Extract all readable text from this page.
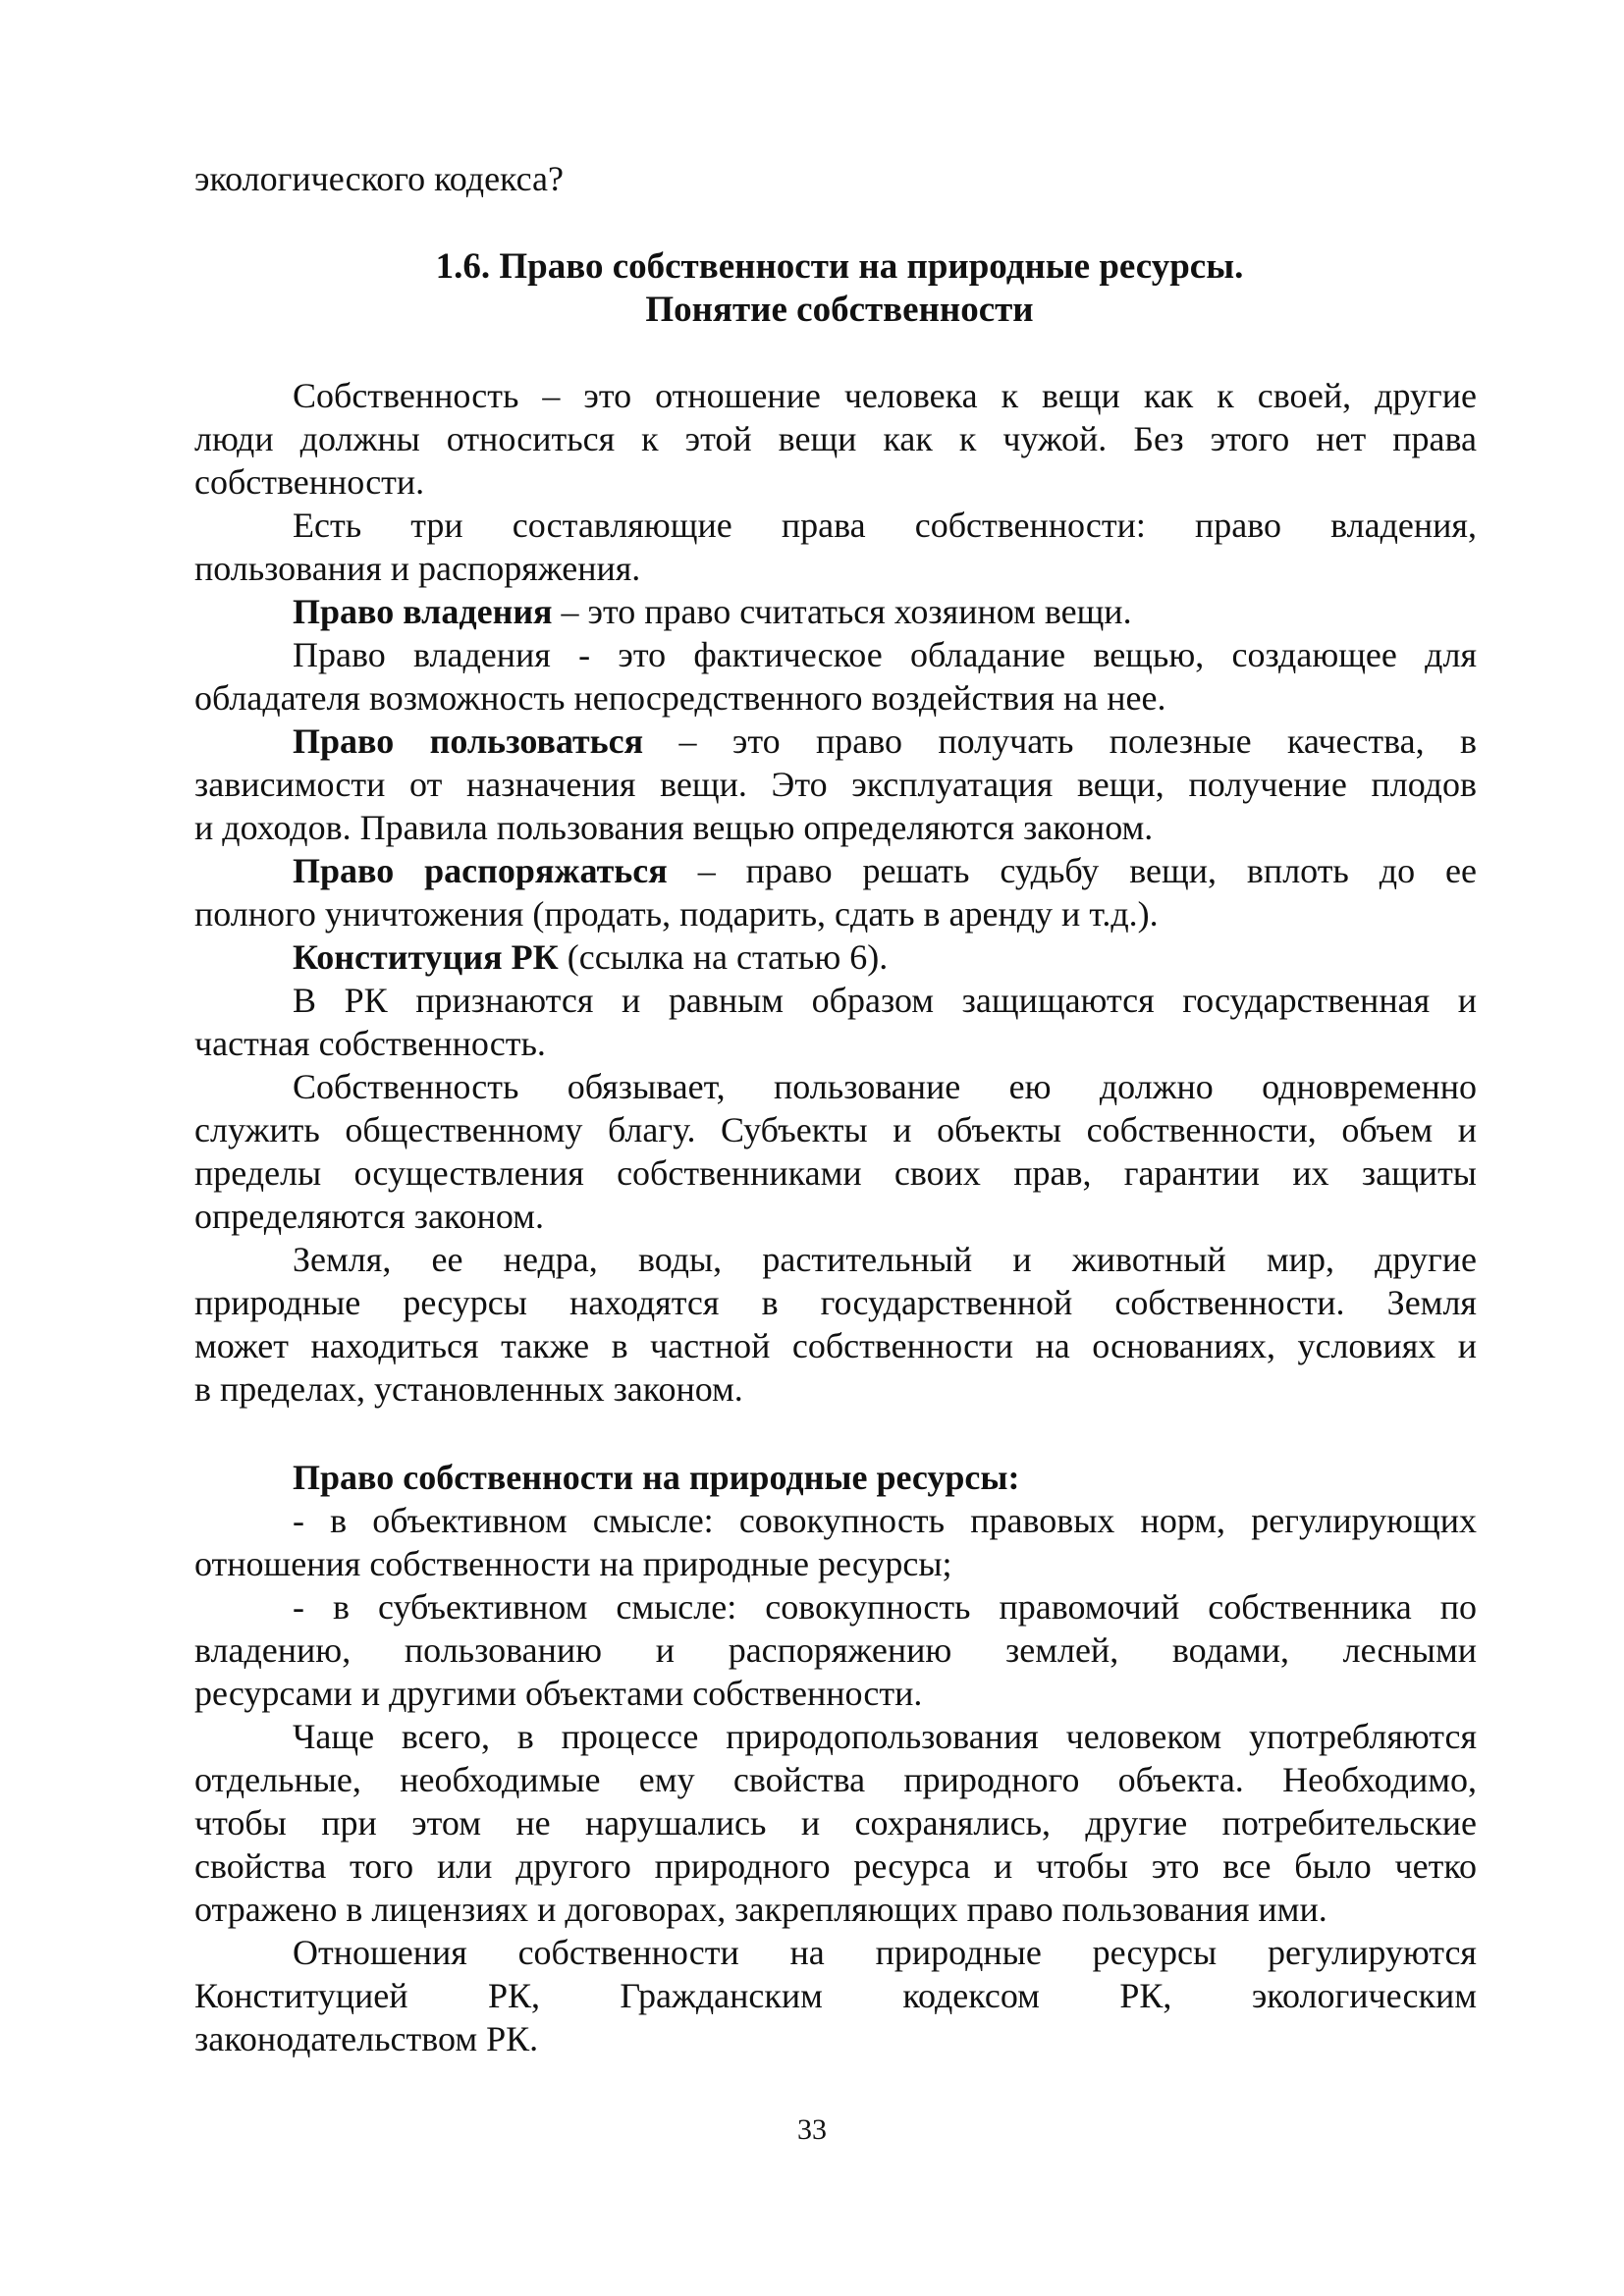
экологического кодекса?
1.6. Право собственности на природные ресурсы.
Понятие собственности
Собственность – это отношение человека к вещи как к своей, другие
люди должны относиться к этой вещи как к чужой. Без этого нет права
собственности.
Есть три составляющие права собственности: право владения,
пользования и распоряжения.
Право владения – это право считаться хозяином вещи.
Право владения - это фактическое обладание вещью, создающее для
обладателя возможность непосредственного воздействия на нее.
Право пользоваться – это право получать полезные качества, в
зависимости от назначения вещи. Это эксплуатация вещи, получение плодов
и доходов. Правила пользования вещью определяются законом.
Право распоряжаться – право решать судьбу вещи, вплоть до ее
полного уничтожения (продать, подарить, сдать в аренду и т.д.).
Конституция РК (ссылка на статью 6).
В РК признаются и равным образом защищаются государственная и
частная собственность.
Собственность обязывает, пользование ею должно одновременно
служить общественному благу. Субъекты и объекты собственности, объем и
пределы осуществления собственниками своих прав, гарантии их защиты
определяются законом.
Земля, ее недра, воды, растительный и животный мир, другие
природные ресурсы находятся в государственной собственности. Земля
может находиться также в частной собственности на основаниях, условиях и
в пределах, установленных законом.
Право собственности на природные ресурсы:
- в объективном смысле: совокупность правовых норм, регулирующих
отношения собственности на природные ресурсы;
- в субъективном смысле: совокупность правомочий собственника по
владению, пользованию и распоряжению землей, водами, лесными
ресурсами и другими объектами собственности.
Чаще всего, в процессе природопользования человеком употребляются
отдельные, необходимые ему свойства природного объекта. Необходимо,
чтобы при этом не нарушались и сохранялись, другие потребительские
свойства того или другого природного ресурса и чтобы это все было четко
отражено в лицензиях и договорах, закрепляющих право пользования ими.
Отношения собственности на природные ресурсы регулируются
Конституцией РК, Гражданским кодексом РК, экологическим
законодательством РК.
33
